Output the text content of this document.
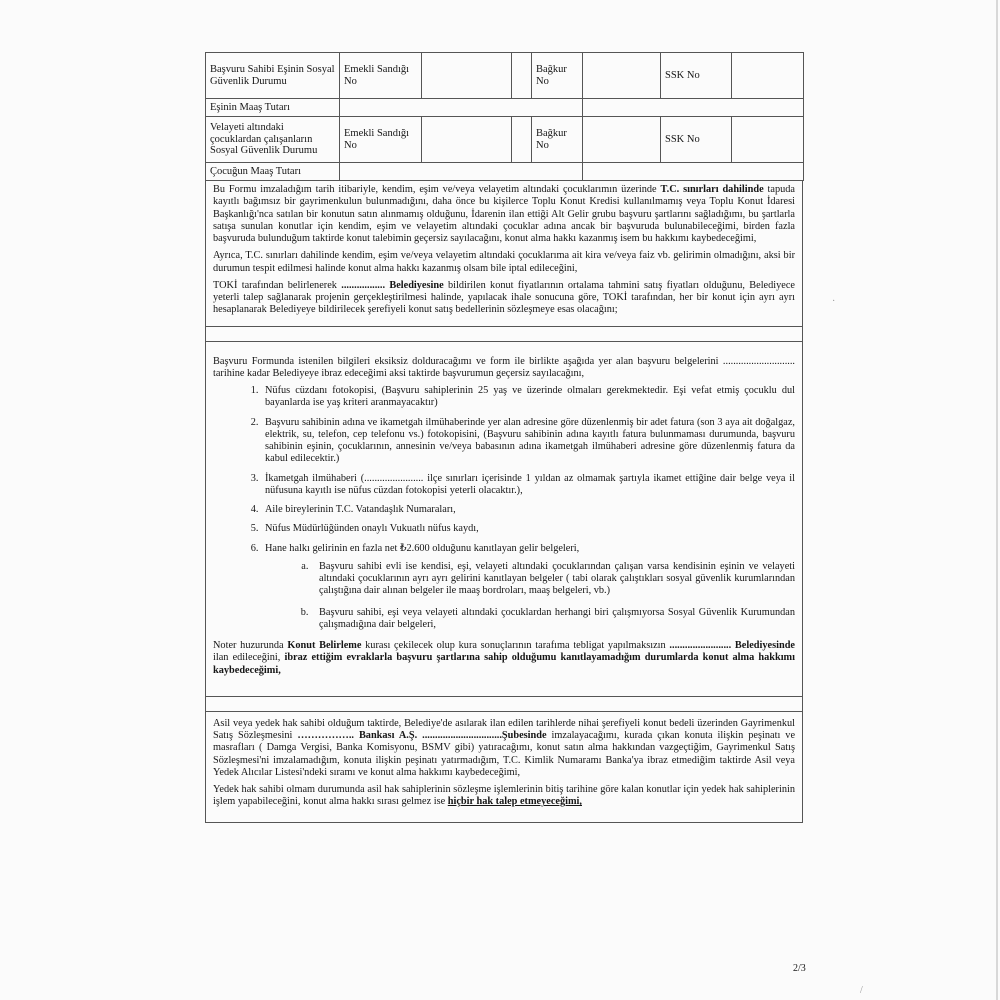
Başvuru Sahibi Eşinin Sosyal Güvenlik Durumu	Emekli Sandığı No			Bağkur No		SSK No	
Eşinin Maaş Tutarı							
Velayeti altındaki çocuklardan çalışanların Sosyal Güvenlik Durumu	Emekli Sandığı No			Bağkur No		SSK No	
Çocuğun Maaş Tutarı							

Bu Formu imzaladığım tarih itibariyle, kendim, eşim ve/veya velayetim altındaki çocuklarımın üzerinde T.C. sınırları dahilinde tapuda kayıtlı bağımsız bir gayrimenkulun bulunmadığını, daha önce bu kişilerce Toplu Konut Kredisi kullanılmamış veya Toplu Konut İdaresi Başkanlığı'nca satılan bir konutun satın alınmamış olduğunu, İdarenin ilan ettiği Alt Gelir grubu başvuru şartlarını sağladığımı, bu şartlarla satışa sunulan konutlar için kendim, eşim ve velayetim altındaki çocuklar adına ancak bir başvuruda bulunabileceğimi, birden fazla başvuruda bulunduğum taktirde konut talebimin geçersiz sayılacağını, konut alma hakkı kazanmış isem bu hakkımı kaybedeceğimi,

Ayrıca, T.C. sınırları dahilinde kendim, eşim ve/veya velayetim altındaki çocuklarıma ait kira ve/veya faiz vb. gelirimin olmadığını, aksi bir durumun tespit edilmesi halinde konut alma hakkı kazanmış olsam bile iptal edileceğini,

TOKİ tarafından belirlenerek ................. Belediyesine bildirilen konut fiyatlarının ortalama tahmini satış fiyatları olduğunu, Belediyece yeterli talep sağlanarak projenin gerçekleştirilmesi halinde, yapılacak ihale sonucuna göre, TOKİ tarafından, her bir konut için ayrı ayrı hesaplanarak Belediyeye bildirilecek şerefiyeli konut satış bedellerinin sözleşmeye esas olacağını;

Başvuru Formunda istenilen bilgileri eksiksiz dolduracağımı ve form ile birlikte aşağıda yer alan başvuru belgelerini ............................ tarihine kadar Belediyeye ibraz edeceğimi aksi taktirde başvurumun geçersiz sayılacağını,

1. Nüfus cüzdanı fotokopisi, (Başvuru sahiplerinin 25 yaş ve üzerinde olmaları gerekmektedir. Eşi vefat etmiş çocuklu dul bayanlarda ise yaş kriteri aranmayacaktır)
2. Başvuru sahibinin adına ve ikametgah ilmühaberinde yer alan adresine göre düzenlenmiş bir adet fatura (son 3 aya ait doğalgaz, elektrik, su, telefon, cep telefonu vs.) fotokopisini, (Başvuru sahibinin adına kayıtlı fatura bulunmaması durumunda, başvuru sahibinin eşinin, çocuklarının, annesinin ve/veya babasının adına ikametgah ilmühaberi adresine göre düzenlenmiş fatura da kabul edilecektir.)
3. İkametgah ilmühaberi (....................... ilçe sınırları içerisinde 1 yıldan az olmamak şartıyla ikamet ettiğine dair belge veya il nüfusuna kayıtlı ise nüfus cüzdan fotokopisi yeterli olacaktır.),
4. Aile bireylerinin T.C. Vatandaşlık Numaraları,
5. Nüfus Müdürlüğünden onaylı Vukuatlı nüfus kaydı,
6. Hane halkı gelirinin en fazla net ₺2.600 olduğunu kanıtlayan gelir belgeleri,
a. Başvuru sahibi evli ise kendisi, eşi, velayeti altındaki çocuklarından çalışan varsa kendisinin eşinin ve velayeti altındaki çocuklarının ayrı ayrı gelirini kanıtlayan belgeler ( tabi olarak çalıştıkları sosyal güvenlik kurumlarından çalıştığına dair alınan belgeler ile maaş bordroları, maaş belgeleri, vb.)
b. Başvuru sahibi, eşi veya velayeti altındaki çocuklardan herhangi biri çalışmıyorsa Sosyal Güvenlik Kurumundan çalışmadığına dair belgeleri,

Noter huzurunda Konut Belirleme kurası çekilecek olup kura sonuçlarının tarafıma tebligat yapılmaksızın ........................ Belediyesinde ilan edileceğini, ibraz ettiğim evraklarla başvuru şartlarına sahip olduğumu kanıtlayamadığım durumlarda konut alma hakkımı kaybedeceğimi,

Asil veya yedek hak sahibi olduğum taktirde, Belediye'de asılarak ilan edilen tarihlerde nihai şerefiyeli konut bedeli üzerinden Gayrimenkul Satış Sözleşmesini …………….. Bankası A.Ş. ...............................Şubesinde imzalayacağımı, kurada çıkan konuta ilişkin peşinatı ve masrafları ( Damga Vergisi, Banka Komisyonu, BSMV gibi) yatıracağımı, konut satın alma hakkından vazgeçtiğim, Gayrimenkul Satış Sözleşmesi'ni imzalamadığım, konuta ilişkin peşinatı yatırmadığım, T.C. Kimlik Numaramı Banka'ya ibraz etmediğim taktirde Asil veya Yedek Alıcılar Listesi'ndeki sıramı ve konut alma hakkımı kaybedeceğimi,

Yedek hak sahibi olmam durumunda asil hak sahiplerinin sözleşme işlemlerinin bitiş tarihine göre kalan konutlar için yedek hak sahiplerinin işlem yapabileceğini, konut alma hakkı sırası gelmez ise hiçbir hak talep etmeyeceğimi,

2/3
·
/
